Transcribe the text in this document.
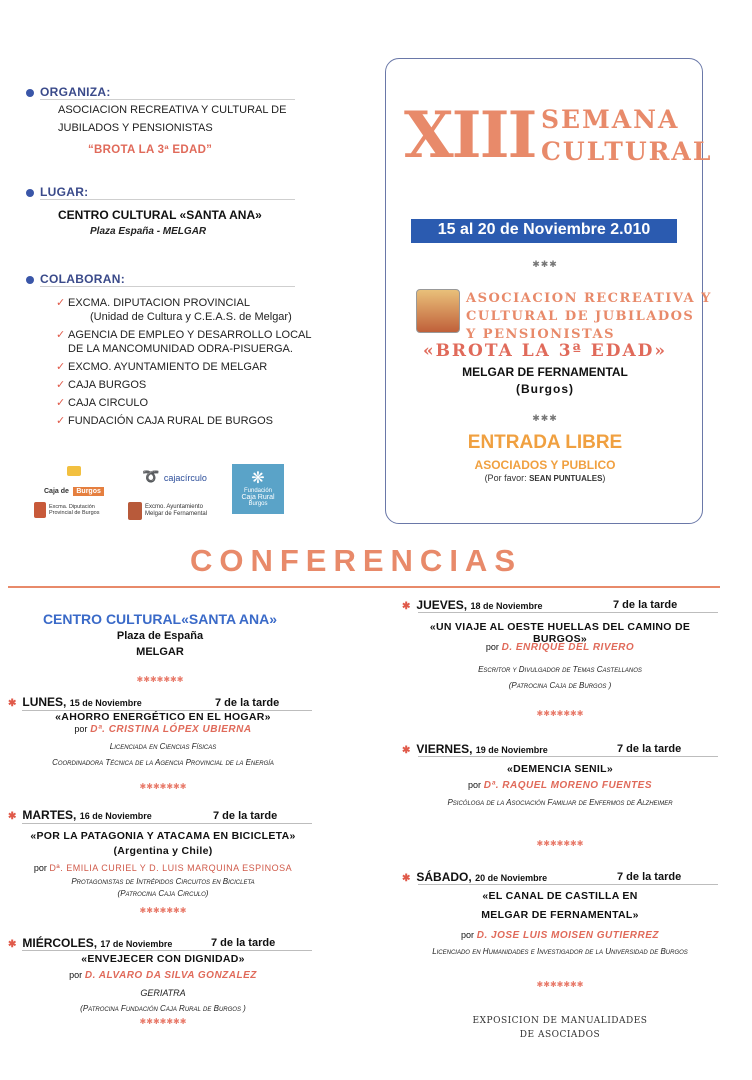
ORGANIZA:
ASOCIACION RECREATIVA Y CULTURAL DE
JUBILADOS Y PENSIONISTAS
“BROTA LA 3ª EDAD”
LUGAR:
CENTRO CULTURAL «SANTA ANA»
Plaza España - MELGAR
COLABORAN:
✓ EXCMA. DIPUTACION PROVINCIAL
(Unidad de Cultura y C.E.A.S. de Melgar)
✓ AGENCIA DE EMPLEO Y DESARROLLO LOCAL
DE LA MANCOMUNIDAD ODRA-PISUERGA.
✓ EXCMO. AYUNTAMIENTO DE MELGAR
✓ CAJA BURGOS
✓ CAJA CIRCULO
✓ FUNDACIÓN CAJA RURAL DE BURGOS
Caja de Burgos
➰ cajacírculo	❋
Fundación
Caja Rural
Burgos
Excma. Diputación
Provincial de Burgos
Excmo. Ayuntamiento
Melgar de Fernamental
XIII SEMANA
CULTURAL
15 al 20 de Noviembre 2.010
✱✱✱
ASOCIACION RECREATIVA Y
CULTURAL DE JUBILADOS
Y PENSIONISTAS
«BROTA LA 3ª EDAD»
MELGAR DE FERNAMENTAL
(Burgos)
✱✱✱
ENTRADA LIBRE
ASOCIADOS Y PUBLICO
(Por favor: SEAN PUNTUALES)
CONFERENCIAS
CENTRO CULTURAL«SANTA ANA»
Plaza de España
MELGAR
✱✱✱✱✱✱✱
✱ LUNES, 15 de Noviembre	7 de la tarde
«AHORRO ENERGÉTICO EN EL HOGAR»
por Dª. CRISTINA LÓPEX UBIERNA
Licenciada en Ciencias Físicas
Coordinadora Técnica de la Agencia Provincial de la Energía
✱✱✱✱✱✱✱
✱ MARTES, 16 de Noviembre	7 de la tarde
«POR LA PATAGONIA Y ATACAMA EN BICICLETA»
(Argentina y Chile)
por Dª. EMILIA CURIEL Y D. LUIS MARQUINA ESPINOSA
Protagonistas de Intrépidos Circuitos en Bicicleta
(Patrocina Caja Circulo)
✱✱✱✱✱✱✱
✱ MIÉRCOLES, 17 de Noviembre	7 de la tarde
«ENVEJECER CON DIGNIDAD»
por D. ALVARO DA SILVA GONZALEZ
GERIATRA
(Patrocina Fundación Caja Rural de Burgos )
✱✱✱✱✱✱✱
✱ JUEVES, 18 de Noviembre	7 de la tarde
«UN VIAJE AL OESTE HUELLAS DEL CAMINO DE BURGOS»
por D. ENRIQUE DEL RIVERO
Escritor y Divulgador de Temas Castellanos
(Patrocina Caja de Burgos )
✱✱✱✱✱✱✱
✱ VIERNES, 19 de Noviembre	7 de la tarde
«DEMENCIA SENIL»
por Dª. RAQUEL MORENO FUENTES
Psicóloga de la Asociación Familiar de Enfermos de Alzheimer
✱✱✱✱✱✱✱
✱ SÁBADO, 20 de Noviembre	7 de la tarde
«EL CANAL DE CASTILLA EN
MELGAR DE FERNAMENTAL»
por D. JOSE LUIS MOISEN GUTIERREZ
Licenciado en Humanidades e Investigador de la Universidad de Burgos
✱✱✱✱✱✱✱
EXPOSICION DE MANUALIDADES
DE ASOCIADOS
